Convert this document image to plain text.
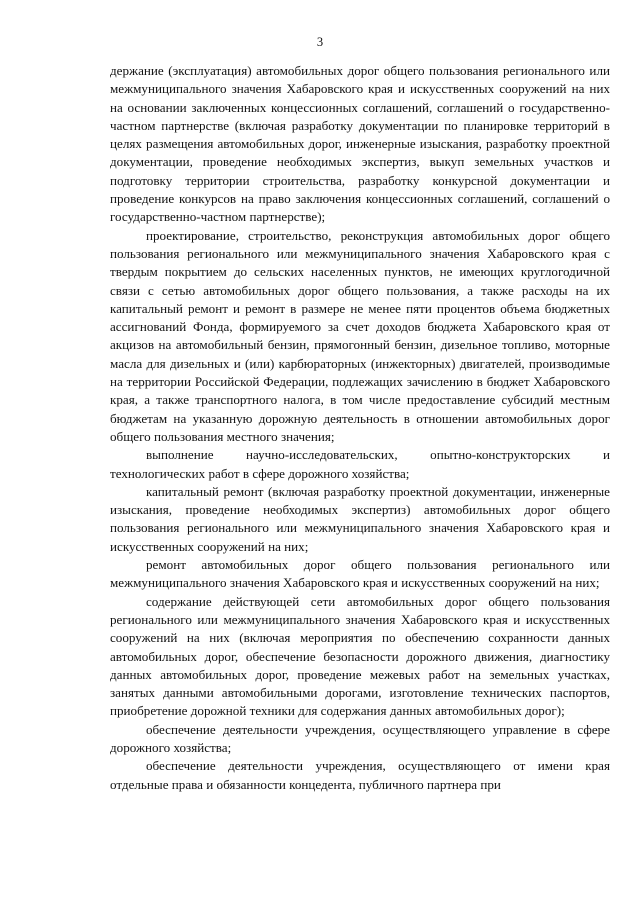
3

держание (эксплуатация) автомобильных дорог общего пользования регионального или межмуниципального значения Хабаровского края и искусственных сооружений на них на основании заключенных концессионных соглашений, соглашений о государственно-частном партнерстве (включая разработку документации по планировке территорий в целях размещения автомобильных дорог, инженерные изыскания, разработку проектной документации, проведение необходимых экспертиз, выкуп земельных участков и подготовку территории строительства, разработку конкурсной документации и проведение конкурсов на право заключения концессионных соглашений, соглашений о государственно-частном партнерстве);

проектирование, строительство, реконструкция автомобильных дорог общего пользования регионального или межмуниципального значения Хабаровского края с твердым покрытием до сельских населенных пунктов, не имеющих круглогодичной связи с сетью автомобильных дорог общего пользования, а также расходы на их капитальный ремонт и ремонт в размере не менее пяти процентов объема бюджетных ассигнований Фонда, формируемого за счет доходов бюджета Хабаровского края от акцизов на автомобильный бензин, прямогонный бензин, дизельное топливо, моторные масла для дизельных и (или) карбюраторных (инжекторных) двигателей, производимые на территории Российской Федерации, подлежащих зачислению в бюджет Хабаровского края, а также транспортного налога, в том числе предоставление субсидий местным бюджетам на указанную дорожную деятельность в отношении автомобильных дорог общего пользования местного значения;

выполнение научно-исследовательских, опытно-конструкторских и технологических работ в сфере дорожного хозяйства;

капитальный ремонт (включая разработку проектной документации, инженерные изыскания, проведение необходимых экспертиз) автомобильных дорог общего пользования регионального или межмуниципального значения Хабаровского края и искусственных сооружений на них;

ремонт автомобильных дорог общего пользования регионального или межмуниципального значения Хабаровского края и искусственных сооружений на них;

содержание действующей сети автомобильных дорог общего пользования регионального или межмуниципального значения Хабаровского края и искусственных сооружений на них (включая мероприятия по обеспечению сохранности данных автомобильных дорог, обеспечение безопасности дорожного движения, диагностику данных автомобильных дорог, проведение межевых работ на земельных участках, занятых данными автомобильными дорогами, изготовление технических паспортов, приобретение дорожной техники для содержания данных автомобильных дорог);

обеспечение деятельности учреждения, осуществляющего управление в сфере дорожного хозяйства;

обеспечение деятельности учреждения, осуществляющего от имени края отдельные права и обязанности концедента, публичного партнера при
